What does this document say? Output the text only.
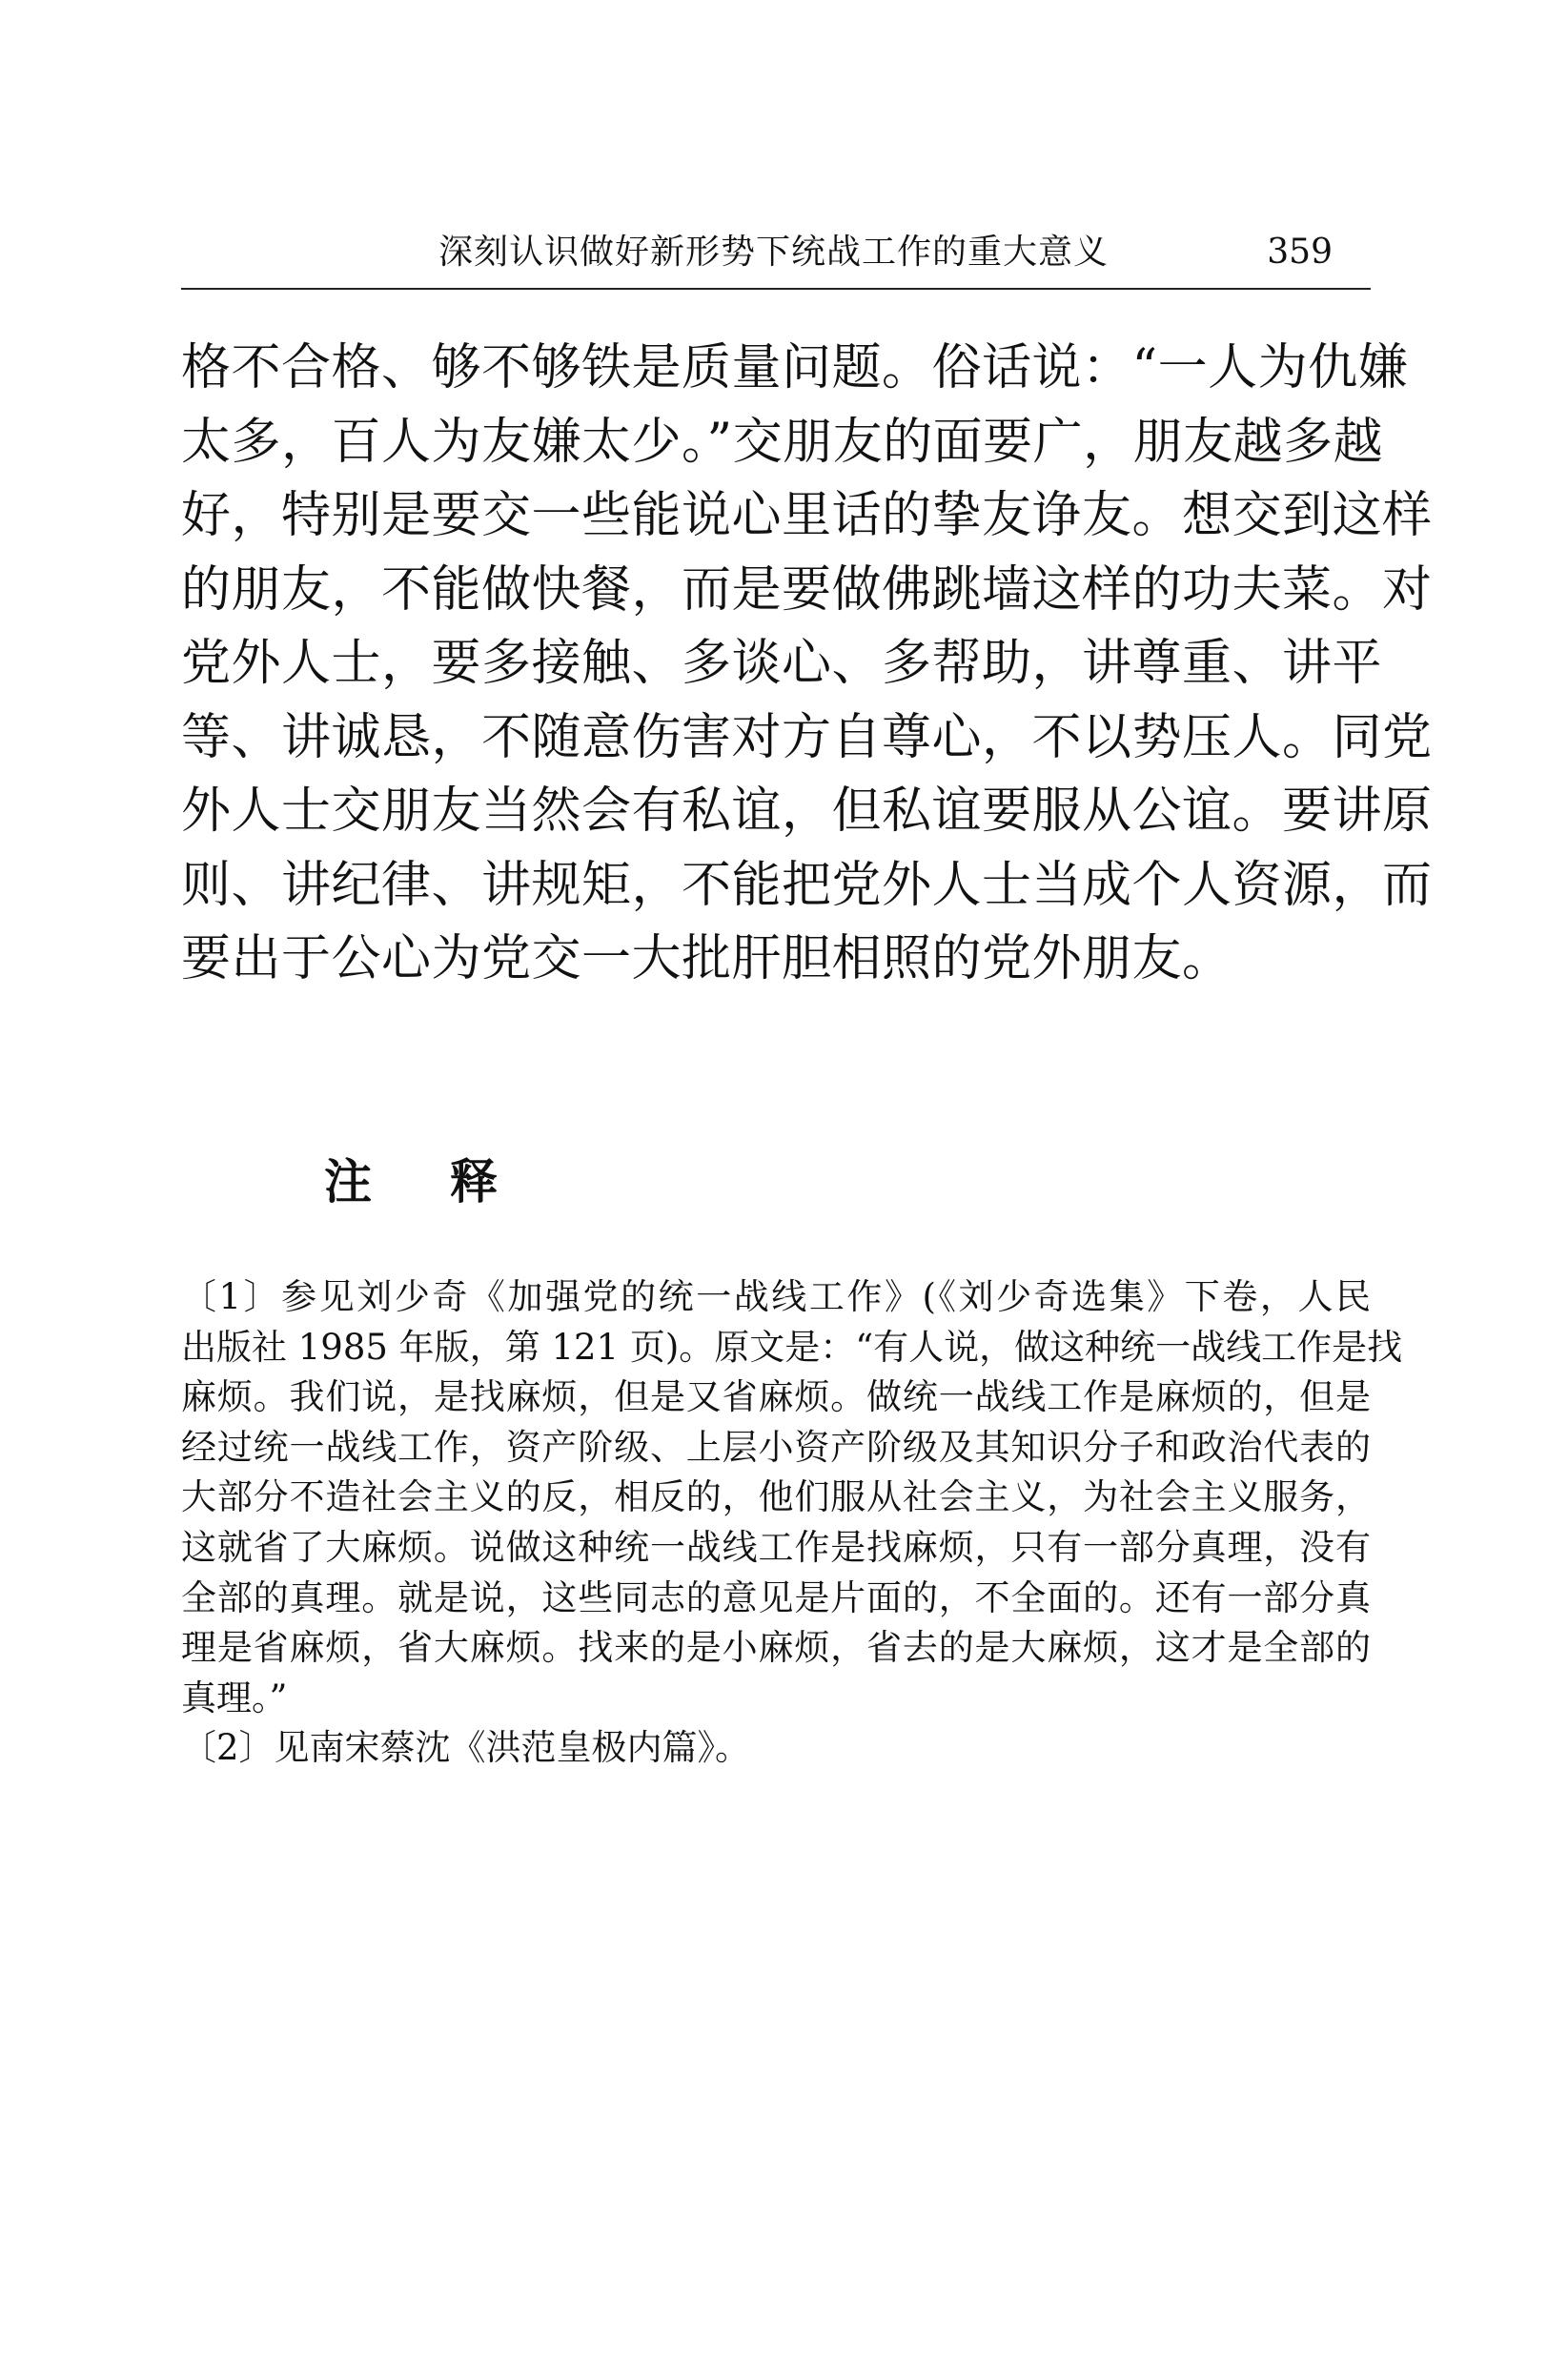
深刻认识做好新形势下统战工作的重大意义	359
格不合格、够不够铁是质量问题。俗话说：“一人为仇嫌
太多，百人为友嫌太少。”交朋友的面要广，朋友越多越
好，特别是要交一些能说心里话的挚友诤友。想交到这样
的朋友，不能做快餐，而是要做佛跳墙这样的功夫菜。对
党外人士，要多接触、多谈心、多帮助，讲尊重、讲平
等、讲诚恳，不随意伤害对方自尊心，不以势压人。同党
外人士交朋友当然会有私谊，但私谊要服从公谊。要讲原
则、讲纪律、讲规矩，不能把党外人士当成个人资源，而
要出于公心为党交一大批肝胆相照的党外朋友。
注 释
〔1〕参见刘少奇《加强党的统一战线工作》(《刘少奇选集》下卷，人民
出版社 1985 年版，第 121 页)。原文是：“有人说，做这种统一战线工作是找
麻烦。我们说，是找麻烦，但是又省麻烦。做统一战线工作是麻烦的，但是
经过统一战线工作，资产阶级、上层小资产阶级及其知识分子和政治代表的
大部分不造社会主义的反，相反的，他们服从社会主义，为社会主义服务，
这就省了大麻烦。说做这种统一战线工作是找麻烦，只有一部分真理，没有
全部的真理。就是说，这些同志的意见是片面的，不全面的。还有一部分真
理是省麻烦，省大麻烦。找来的是小麻烦，省去的是大麻烦，这才是全部的
真理。”
〔2〕见南宋蔡沈《洪范皇极内篇》。
